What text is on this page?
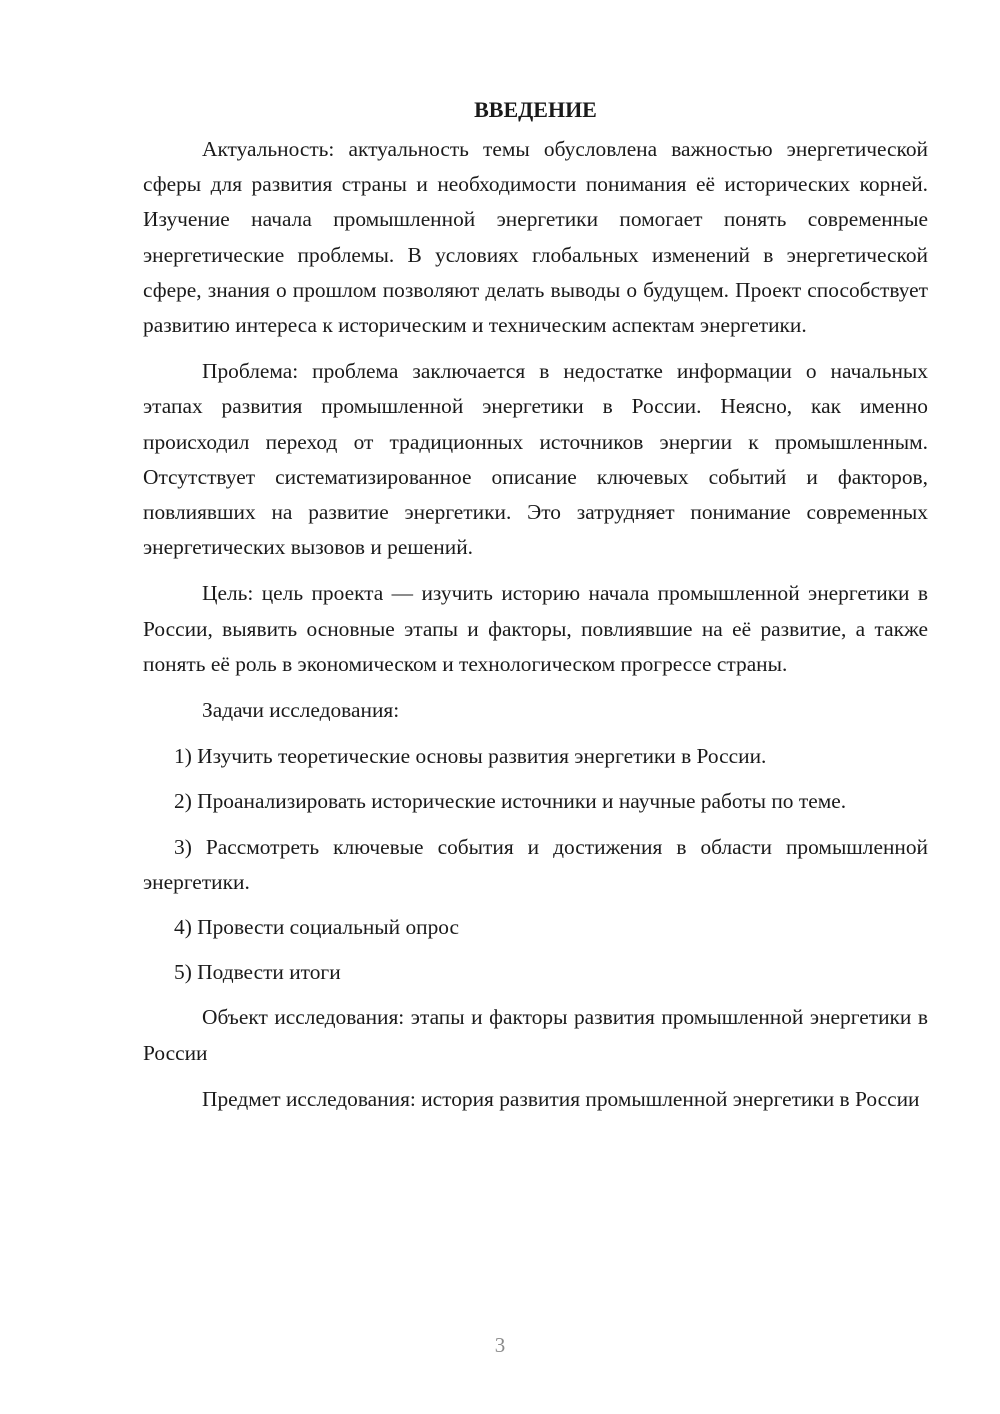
ВВЕДЕНИЕ

Актуальность: актуальность темы обусловлена важностью энергетической сферы для развития страны и необходимости понимания её исторических корней. Изучение начала промышленной энергетики помогает понять современные энергетические проблемы. В условиях глобальных изменений в энергетической сфере, знания о прошлом позволяют делать выводы о будущем. Проект способствует развитию интереса к историческим и техническим аспектам энергетики.

Проблема: проблема заключается в недостатке информации о начальных этапах развития промышленной энергетики в России. Неясно, как именно происходил переход от традиционных источников энергии к промышленным. Отсутствует систематизированное описание ключевых событий и факторов, повлиявших на развитие энергетики. Это затрудняет понимание современных энергетических вызовов и решений.

Цель: цель проекта — изучить историю начала промышленной энергетики в России, выявить основные этапы и факторы, повлиявшие на её развитие, а также понять её роль в экономическом и технологическом прогрессе страны.

Задачи исследования:

1) Изучить теоретические основы развития энергетики в России.

2) Проанализировать исторические источники и научные работы по теме.

3) Рассмотреть ключевые события и достижения в области промышленной энергетики.

4) Провести социальный опрос

5) Подвести итоги

Объект исследования: этапы и факторы развития промышленной энергетики в России

Предмет исследования: история развития промышленной энергетики в России

3
